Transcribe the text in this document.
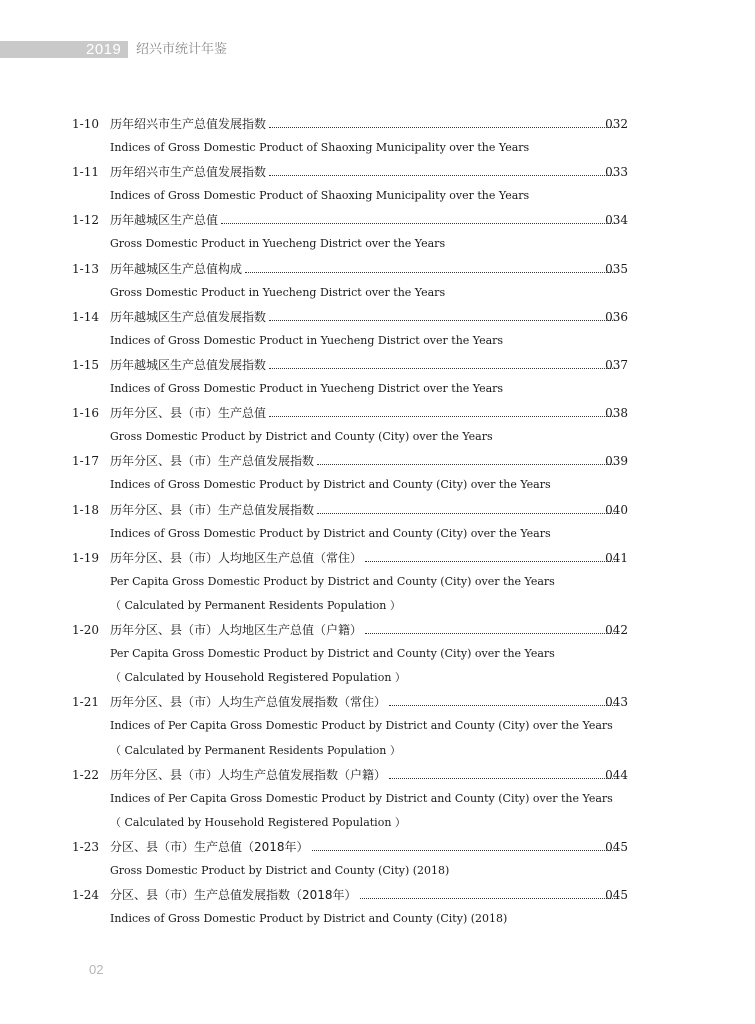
2019 绍兴市统计年鉴
1-10 历年绍兴市生产总值发展指数	032
Indices of Gross Domestic Product of Shaoxing Municipality over the Years
1-11 历年绍兴市生产总值发展指数	033
Indices of Gross Domestic Product of Shaoxing Municipality over the Years
1-12 历年越城区生产总值	034
Gross Domestic Product in Yuecheng District over the Years
1-13 历年越城区生产总值构成	035
Gross Domestic Product in Yuecheng District over the Years
1-14 历年越城区生产总值发展指数	036
Indices of Gross Domestic Product in Yuecheng District over the Years
1-15 历年越城区生产总值发展指数	037
Indices of Gross Domestic Product in Yuecheng District over the Years
1-16 历年分区、县（市）生产总值	038
Gross Domestic Product by District and County (City) over the Years
1-17 历年分区、县（市）生产总值发展指数	039
Indices of Gross Domestic Product by District and County (City) over the Years
1-18 历年分区、县（市）生产总值发展指数	040
Indices of Gross Domestic Product by District and County (City) over the Years
1-19 历年分区、县（市）人均地区生产总值（常住）	041
Per Capita Gross Domestic Product by District and County (City) over the Years
（ Calculated by Permanent Residents Population ）
1-20 历年分区、县（市）人均地区生产总值（户籍）	042
Per Capita Gross Domestic Product by District and County (City) over the Years
（ Calculated by Household Registered Population ）
1-21 历年分区、县（市）人均生产总值发展指数（常住）	043
Indices of Per Capita Gross Domestic Product by District and County (City) over the Years
（ Calculated by Permanent Residents Population ）
1-22 历年分区、县（市）人均生产总值发展指数（户籍）	044
Indices of Per Capita Gross Domestic Product by District and County (City) over the Years
（ Calculated by Household Registered Population ）
1-23 分区、县（市）生产总值（2018年）	045
Gross Domestic Product by District and County (City) (2018)
1-24 分区、县（市）生产总值发展指数（2018年）	045
Indices of Gross Domestic Product by District and County (City) (2018)
02
